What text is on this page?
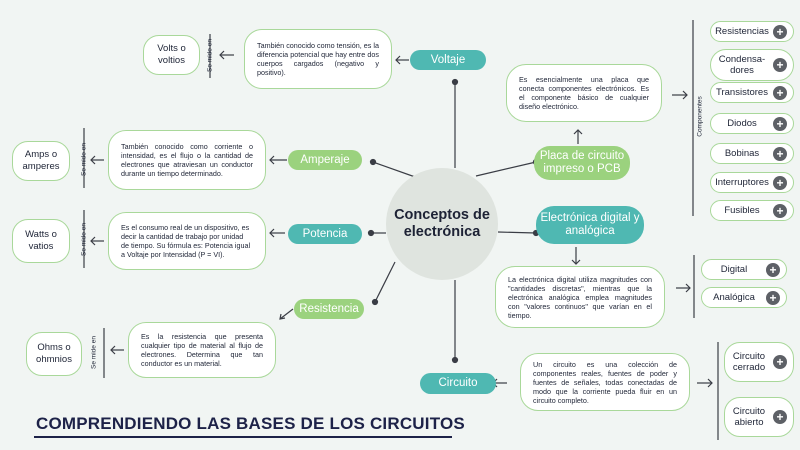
Conceptos de electrónica
Voltaje
También conocido como tensión, es la diferencia potencial que hay entre dos cuerpos cargados (negativo y positivo).
Se mide en
Volts o voltios
Amperaje
También conocido como corriente o intensidad, es el flujo o la cantidad de electrones que atraviesan un conductor durante un tiempo determinado.
Se mide en
Amps o amperes
Potencia
Es el consumo real de un dispositivo, es decir la cantidad de trabajo por unidad de tiempo. Su fórmula es: Potencia igual a Voltaje por Intensidad (P = VI).
Se mide en
Watts o vatios
Resistencia
Es la resistencia que presenta cualquier tipo de material al flujo de electrones. Determina que tan conductor es un material.
Se mide en
Ohms o ohmnios
Circuito
Un circuito es una colección de componentes reales, fuentes de poder y fuentes de señales, todas conectadas de modo que la corriente pueda fluir en un circuito completo.
Circuito cerrado +
Circuito abierto	+
Placa de circuito impreso o PCB
Es esencialmente una placa que conecta componentes electrónicos. Es el componente básico de cualquier diseño electrónico.	Componentes
Resistencias +
Condensa-dores	+
Transistores +
Diodos	+
Bobinas	+
Interruptores +
Fusibles	+
Electrónica digital y analógica
La electrónica digital utiliza magnitudes con "cantidades discretas", mientras que la electrónica analógica emplea magnitudes con "valores continuos" que varían en el tiempo.
Digital	+
Analógica	+
COMPRENDIENDO LAS BASES DE LOS CIRCUITOS
